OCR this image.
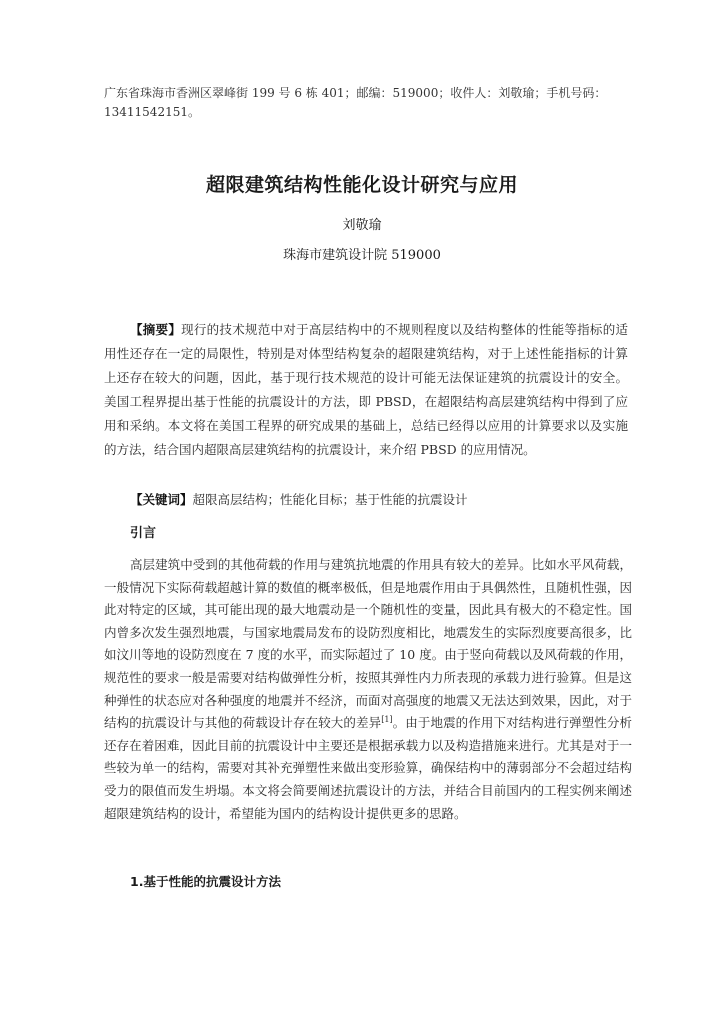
广东省珠海市香洲区翠峰街 199 号 6 栋 401；邮编：519000；收件人：刘敬瑜；手机号码：13411542151。
超限建筑结构性能化设计研究与应用
刘敬瑜
珠海市建筑设计院 519000
【摘要】现行的技术规范中对于高层结构中的不规则程度以及结构整体的性能等指标的适用性还存在一定的局限性，特别是对体型结构复杂的超限建筑结构，对于上述性能指标的计算上还存在较大的问题，因此，基于现行技术规范的设计可能无法保证建筑的抗震设计的安全。美国工程界提出基于性能的抗震设计的方法，即 PBSD，在超限结构高层建筑结构中得到了应用和采纳。本文将在美国工程界的研究成果的基础上，总结已经得以应用的计算要求以及实施的方法，结合国内超限高层建筑结构的抗震设计，来介绍 PBSD 的应用情况。
【关键词】超限高层结构；性能化目标；基于性能的抗震设计
引言
高层建筑中受到的其他荷载的作用与建筑抗地震的作用具有较大的差异。比如水平风荷载，一般情况下实际荷载超越计算的数值的概率极低，但是地震作用由于具偶然性，且随机性强，因此对特定的区域，其可能出现的最大地震动是一个随机性的变量，因此具有极大的不稳定性。国内曾多次发生强烈地震，与国家地震局发布的设防烈度相比，地震发生的实际烈度要高很多，比如汶川等地的设防烈度在 7 度的水平，而实际超过了 10 度。由于竖向荷载以及风荷载的作用，规范性的要求一般是需要对结构做弹性分析，按照其弹性内力所表现的承载力进行验算。但是这种弹性的状态应对各种强度的地震并不经济，而面对高强度的地震又无法达到效果，因此，对于结构的抗震设计与其他的荷载设计存在较大的差异[1]。由于地震的作用下对结构进行弹塑性分析还存在着困难，因此目前的抗震设计中主要还是根据承载力以及构造措施来进行。尤其是对于一些较为单一的结构，需要对其补充弹塑性来做出变形验算，确保结构中的薄弱部分不会超过结构受力的限值而发生坍塌。本文将会简要阐述抗震设计的方法，并结合目前国内的工程实例来阐述超限建筑结构的设计，希望能为国内的结构设计提供更多的思路。
1.基于性能的抗震设计方法
